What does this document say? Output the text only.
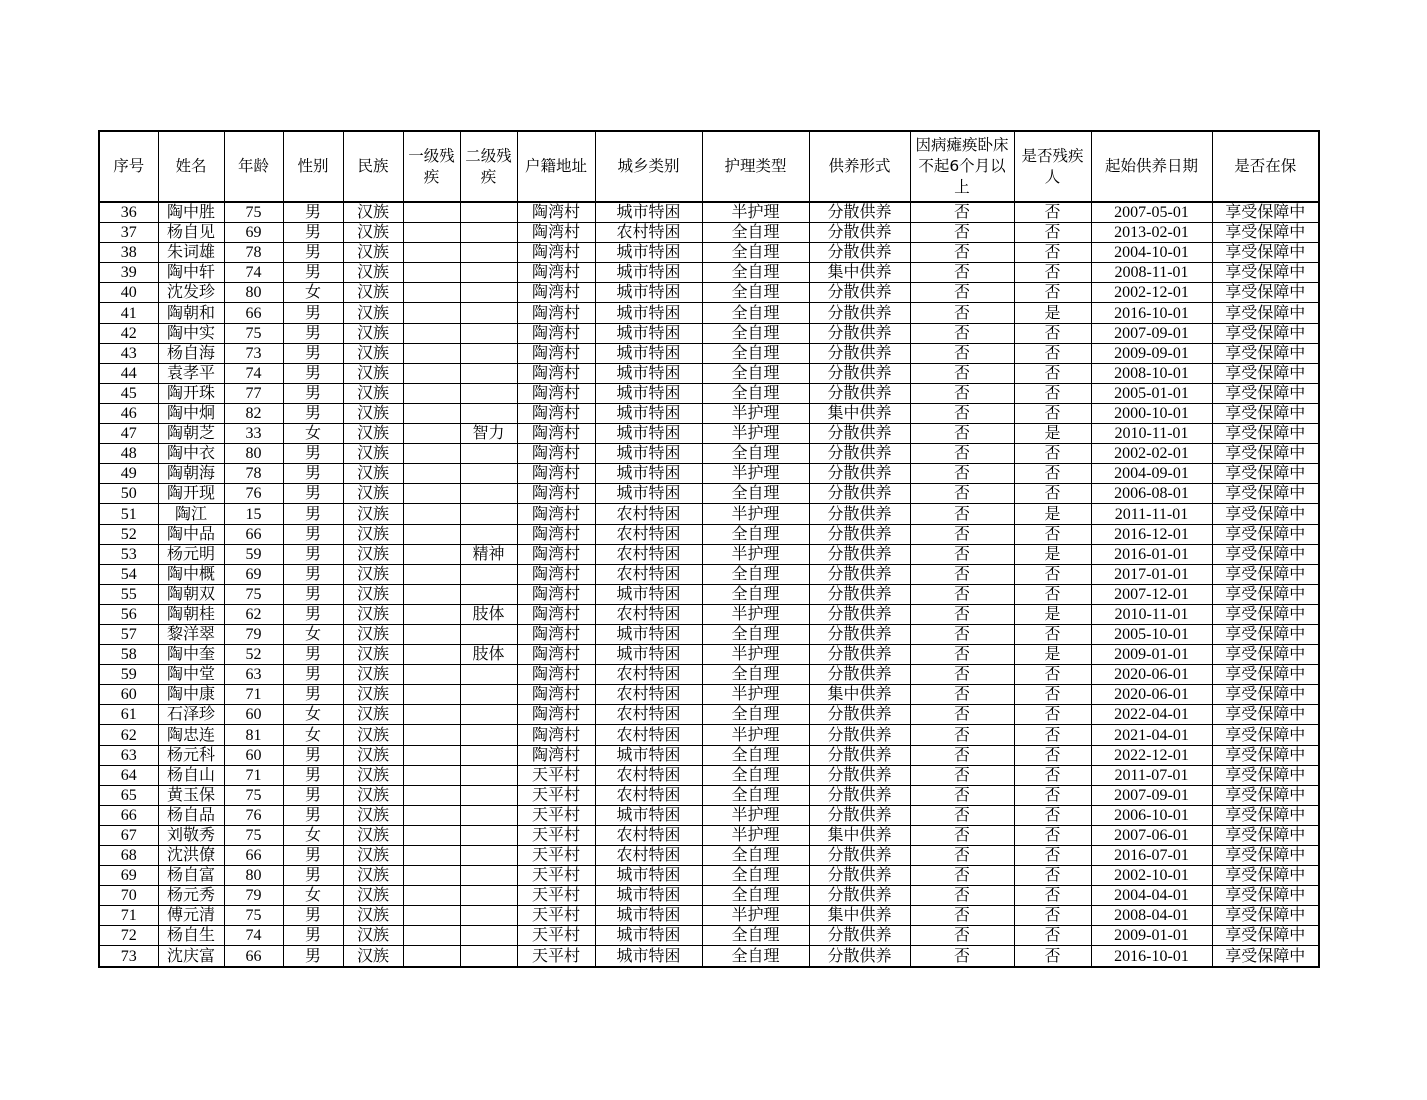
序号	姓名	年龄	性别	民族	一级残疾	二级残疾	户籍地址	城乡类别	护理类型	供养形式	因病瘫痪卧床不起6个月以上	是否残疾人	起始供养日期	是否在保
36	陶中胜	75	男	汉族			陶湾村	城市特困	半护理	分散供养	否	否	2007-05-01	享受保障中
37	杨自见	69	男	汉族			陶湾村	农村特困	全自理	分散供养	否	否	2013-02-01	享受保障中
38	朱词雄	78	男	汉族			陶湾村	城市特困	全自理	分散供养	否	否	2004-10-01	享受保障中
39	陶中轩	74	男	汉族			陶湾村	城市特困	全自理	集中供养	否	否	2008-11-01	享受保障中
40	沈发珍	80	女	汉族			陶湾村	城市特困	全自理	分散供养	否	否	2002-12-01	享受保障中
41	陶朝和	66	男	汉族			陶湾村	城市特困	全自理	分散供养	否	是	2016-10-01	享受保障中
42	陶中实	75	男	汉族			陶湾村	城市特困	全自理	分散供养	否	否	2007-09-01	享受保障中
43	杨自海	73	男	汉族			陶湾村	城市特困	全自理	分散供养	否	否	2009-09-01	享受保障中
44	袁孝平	74	男	汉族			陶湾村	城市特困	全自理	分散供养	否	否	2008-10-01	享受保障中
45	陶开珠	77	男	汉族			陶湾村	城市特困	全自理	分散供养	否	否	2005-01-01	享受保障中
46	陶中炯	82	男	汉族			陶湾村	城市特困	半护理	集中供养	否	否	2000-10-01	享受保障中
47	陶朝芝	33	女	汉族		智力	陶湾村	城市特困	半护理	分散供养	否	是	2010-11-01	享受保障中
48	陶中衣	80	男	汉族			陶湾村	城市特困	全自理	分散供养	否	否	2002-02-01	享受保障中
49	陶朝海	78	男	汉族			陶湾村	城市特困	半护理	分散供养	否	否	2004-09-01	享受保障中
50	陶开现	76	男	汉族			陶湾村	城市特困	全自理	分散供养	否	否	2006-08-01	享受保障中
51	陶江	15	男	汉族			陶湾村	农村特困	半护理	分散供养	否	是	2011-11-01	享受保障中
52	陶中品	66	男	汉族			陶湾村	农村特困	全自理	分散供养	否	否	2016-12-01	享受保障中
53	杨元明	59	男	汉族		精神	陶湾村	农村特困	半护理	分散供养	否	是	2016-01-01	享受保障中
54	陶中概	69	男	汉族			陶湾村	农村特困	全自理	分散供养	否	否	2017-01-01	享受保障中
55	陶朝双	75	男	汉族			陶湾村	城市特困	全自理	分散供养	否	否	2007-12-01	享受保障中
56	陶朝桂	62	男	汉族		肢体	陶湾村	农村特困	半护理	分散供养	否	是	2010-11-01	享受保障中
57	黎洋翠	79	女	汉族			陶湾村	城市特困	全自理	分散供养	否	否	2005-10-01	享受保障中
58	陶中奎	52	男	汉族		肢体	陶湾村	城市特困	半护理	分散供养	否	是	2009-01-01	享受保障中
59	陶中堂	63	男	汉族			陶湾村	农村特困	全自理	分散供养	否	否	2020-06-01	享受保障中
60	陶中康	71	男	汉族			陶湾村	农村特困	半护理	集中供养	否	否	2020-06-01	享受保障中
61	石泽珍	60	女	汉族			陶湾村	农村特困	全自理	分散供养	否	否	2022-04-01	享受保障中
62	陶忠连	81	女	汉族			陶湾村	农村特困	半护理	分散供养	否	否	2021-04-01	享受保障中
63	杨元科	60	男	汉族			陶湾村	城市特困	全自理	分散供养	否	否	2022-12-01	享受保障中
64	杨自山	71	男	汉族			天平村	农村特困	全自理	分散供养	否	否	2011-07-01	享受保障中
65	黄玉保	75	男	汉族			天平村	农村特困	全自理	分散供养	否	否	2007-09-01	享受保障中
66	杨自品	76	男	汉族			天平村	城市特困	半护理	分散供养	否	否	2006-10-01	享受保障中
67	刘敬秀	75	女	汉族			天平村	农村特困	半护理	集中供养	否	否	2007-06-01	享受保障中
68	沈洪僚	66	男	汉族			天平村	农村特困	全自理	分散供养	否	否	2016-07-01	享受保障中
69	杨自富	80	男	汉族			天平村	城市特困	全自理	分散供养	否	否	2002-10-01	享受保障中
70	杨元秀	79	女	汉族			天平村	城市特困	全自理	分散供养	否	否	2004-04-01	享受保障中
71	傅元清	75	男	汉族			天平村	城市特困	半护理	集中供养	否	否	2008-04-01	享受保障中
72	杨自生	74	男	汉族			天平村	城市特困	全自理	分散供养	否	否	2009-01-01	享受保障中
73	沈庆富	66	男	汉族			天平村	城市特困	全自理	分散供养	否	否	2016-10-01	享受保障中
